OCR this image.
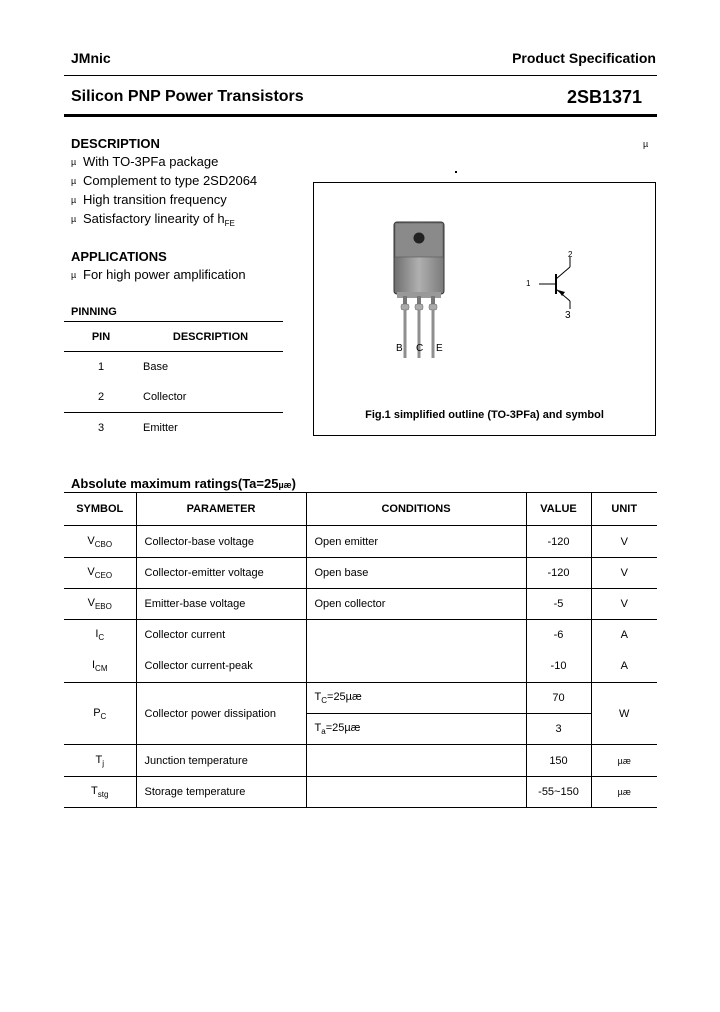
JMnic	Product Specification
Silicon PNP Power Transistors	2SB1371
DESCRIPTION
µ With TO-3PFa package
µ Complement to type 2SD2064
µ High transition frequency
µ Satisfactory linearity of $h_{FE}$
APPLICATIONS
µ For high power amplification
PINNING
PIN	DESCRIPTION
1	Base
2	Collector
3	Emitter
µ
B C E
1
2
3
Fig.1 simplified outline (TO-3PFa) and symbol
Absolute maximum ratings(Ta=25µæ)
SYMBOL	PARAMETER	CONDITIONS	VALUE	UNIT
$V_{CBO}$	Collector-base voltage	Open emitter	-120	V
$V_{CEO}$	Collector-emitter voltage	Open base	-120	V
$V_{EBO}$	Emitter-base voltage	Open collector	-5	V
$I_C$	Collector current		-6	A
$I_{CM}$	Collector current-peak		-10	A
$P_C$	Collector power dissipation	$T_C=25\mu æ$	70	W
		$T_a=25\mu æ$	3	
$T_j$	Junction temperature		150	µæ
$T_{stg}$	Storage temperature		-55~150	µæ
